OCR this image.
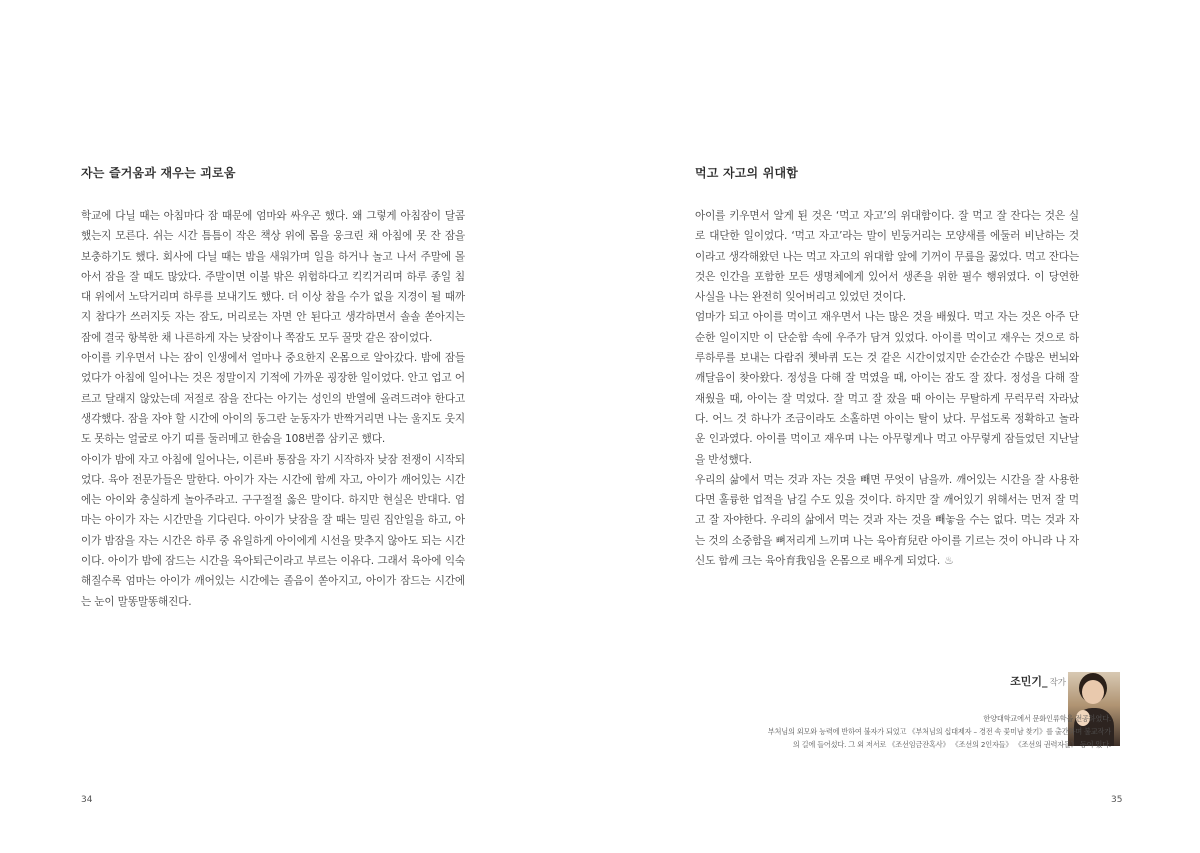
자는 즐거움과 재우는 괴로움

학교에 다닐 때는 아침마다 잠 때문에 엄마와 싸우곤 했다. 왜 그렇게 아침잠이 달콤했는지 모른다. 쉬는 시간 틈틈이 작은 책상 위에 몸을 웅크린 채 아침에 못 잔 잠을 보충하기도 했다. 회사에 다닐 때는 밤을 새워가며 일을 하거나 놀고 나서 주말에 몰아서 잠을 잘 때도 많았다. 주말이면 이불 밖은 위험하다고 킥킥거리며 하루 종일 침대 위에서 노닥거리며 하루를 보내기도 했다. 더 이상 참을 수가 없을 지경이 될 때까지 참다가 쓰러지듯 자는 잠도, 머리로는 자면 안 된다고 생각하면서 솔솔 쏟아지는 잠에 결국 항복한 채 나른하게 자는 낮잠이나 쪽잠도 모두 꿀맛 같은 잠이었다.

아이를 키우면서 나는 잠이 인생에서 얼마나 중요한지 온몸으로 알아갔다. 밤에 잠들었다가 아침에 일어나는 것은 정말이지 기적에 가까운 굉장한 일이었다. 안고 업고 어르고 달래지 않았는데 저절로 잠을 잔다는 아기는 성인의 반열에 올려드려야 한다고 생각했다. 잠을 자야 할 시간에 아이의 동그란 눈동자가 반짝거리면 나는 울지도 웃지도 못하는 얼굴로 아기 띠를 둘러메고 한숨을 108번쯤 삼키곤 했다.

아이가 밤에 자고 아침에 일어나는, 이른바 통잠을 자기 시작하자 낮잠 전쟁이 시작되었다. 육아 전문가들은 말한다. 아이가 자는 시간에 함께 자고, 아이가 깨어있는 시간에는 아이와 충실하게 놀아주라고. 구구절절 옳은 말이다. 하지만 현실은 반대다. 엄마는 아이가 자는 시간만을 기다린다. 아이가 낮잠을 잘 때는 밀린 집안일을 하고, 아이가 밤잠을 자는 시간은 하루 중 유일하게 아이에게 시선을 맞추지 않아도 되는 시간이다. 아이가 밤에 잠드는 시간을 육아퇴근이라고 부르는 이유다. 그래서 육아에 익숙해질수록 엄마는 아이가 깨어있는 시간에는 졸음이 쏟아지고, 아이가 잠드는 시간에는 눈이 말똥말똥해진다.

34
먹고 자고의 위대함

아이를 키우면서 알게 된 것은 ‘먹고 자고’의 위대함이다. 잘 먹고 잘 잔다는 것은 실로 대단한 일이었다. ‘먹고 자고’라는 말이 빈둥거리는 모양새를 에둘러 비난하는 것이라고 생각해왔던 나는 먹고 자고의 위대함 앞에 기꺼이 무릎을 꿇었다. 먹고 잔다는 것은 인간을 포함한 모든 생명체에게 있어서 생존을 위한 필수 행위였다. 이 당연한 사실을 나는 완전히 잊어버리고 있었던 것이다.

엄마가 되고 아이를 먹이고 재우면서 나는 많은 것을 배웠다. 먹고 자는 것은 아주 단순한 일이지만 이 단순함 속에 우주가 담겨 있었다. 아이를 먹이고 재우는 것으로 하루하루를 보내는 다람쥐 쳇바퀴 도는 것 같은 시간이었지만 순간순간 수많은 번뇌와 깨달음이 찾아왔다. 정성을 다해 잘 먹였을 때, 아이는 잠도 잘 잤다. 정성을 다해 잘 재웠을 때, 아이는 잘 먹었다. 잘 먹고 잘 잤을 때 아이는 무탈하게 무럭무럭 자라났다. 어느 것 하나가 조금이라도 소홀하면 아이는 탈이 났다. 무섭도록 정확하고 놀라운 인과였다. 아이를 먹이고 재우며 나는 아무렇게나 먹고 아무렇게 잠들었던 지난날을 반성했다.

우리의 삶에서 먹는 것과 자는 것을 빼면 무엇이 남을까. 깨어있는 시간을 잘 사용한다면 훌륭한 업적을 남길 수도 있을 것이다. 하지만 잘 깨어있기 위해서는 먼저 잘 먹고 잘 자야한다. 우리의 삶에서 먹는 것과 자는 것을 빼놓을 수는 없다. 먹는 것과 자는 것의 소중함을 뼈저리게 느끼며 나는 육아育兒란 아이를 기르는 것이 아니라 나 자신도 함께 크는 육아育我임을 온몸으로 배우게 되었다. ♨

조민기_ 작가

한양대학교에서 문화인류학을 전공하였다.

부처님의 외모와 능력에 반하여 불자가 되었고 《부처님의 십대제자 – 경전 속 꽃미남 찾기》를 출간하며 불교작가

의 길에 들어섰다. 그 외 저서로 《조선임금잔혹사》 《조선의 2인자들》 《조선의 권력자들》 등이 있다.

35
